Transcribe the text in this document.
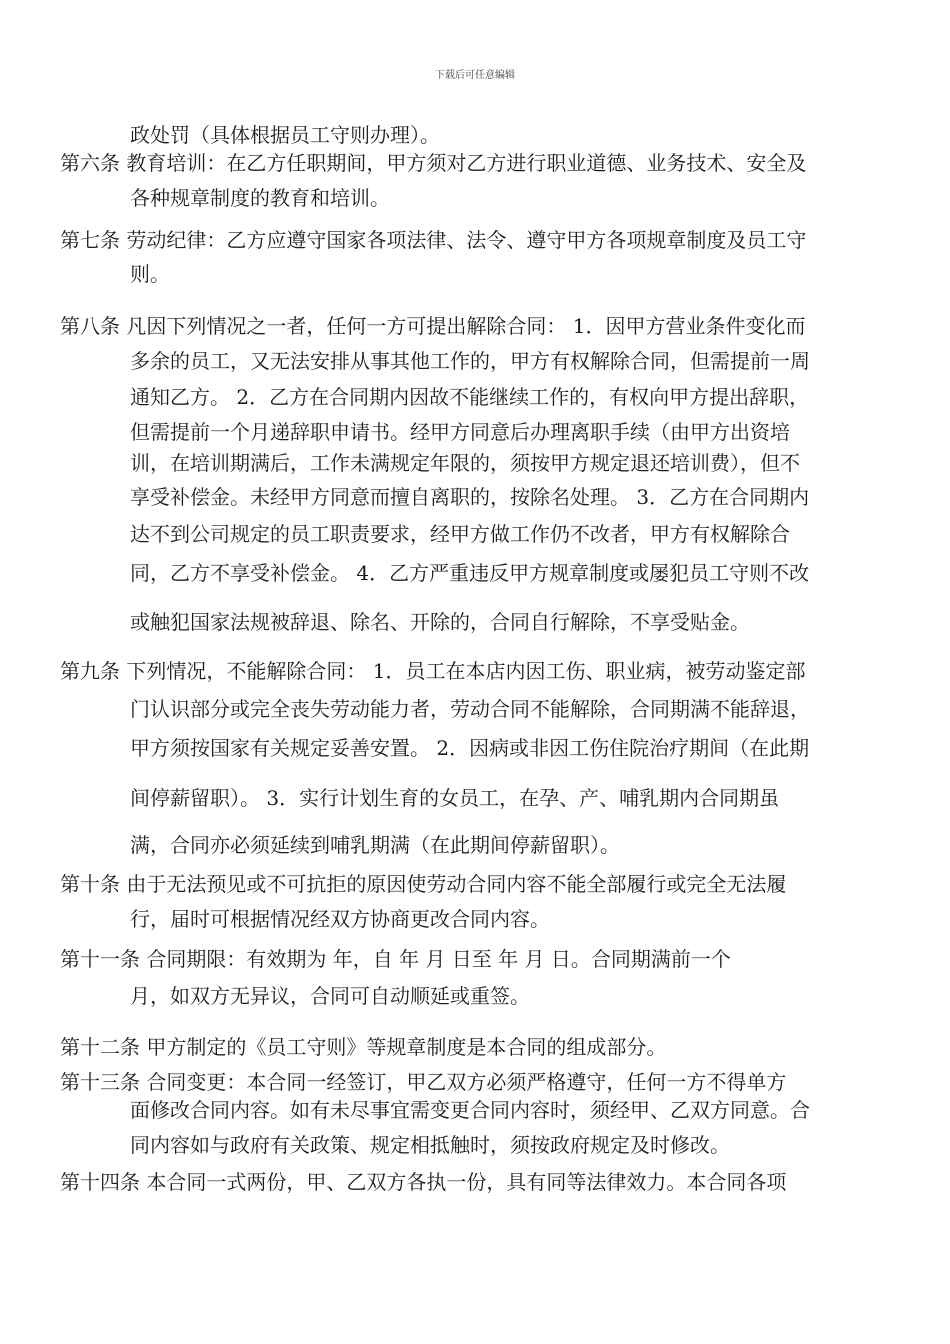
下载后可任意编辑
政处罚（具体根据员工守则办理）。
第六条 教育培训：在乙方任职期间，甲方须对乙方进行职业道德、业务技术、安全及
各种规章制度的教育和培训。
第七条 劳动纪律：乙方应遵守国家各项法律、法令、遵守甲方各项规章制度及员工守
则。
第八条 凡因下列情况之一者，任何一方可提出解除合同： 1．因甲方营业条件变化而
多余的员工，又无法安排从事其他工作的，甲方有权解除合同，但需提前一周
通知乙方。 2．乙方在合同期内因故不能继续工作的，有权向甲方提出辞职，
但需提前一个月递辞职申请书。经甲方同意后办理离职手续（由甲方出资培
训，在培训期满后，工作未满规定年限的，须按甲方规定退还培训费），但不
享受补偿金。未经甲方同意而擅自离职的，按除名处理。 3．乙方在合同期内
达不到公司规定的员工职责要求，经甲方做工作仍不改者，甲方有权解除合
同，乙方不享受补偿金。 4．乙方严重违反甲方规章制度或屡犯员工守则不改
或触犯国家法规被辞退、除名、开除的，合同自行解除，不享受贴金。
第九条 下列情况，不能解除合同： 1．员工在本店内因工伤、职业病，被劳动鉴定部
门认识部分或完全丧失劳动能力者，劳动合同不能解除，合同期满不能辞退，
甲方须按国家有关规定妥善安置。 2．因病或非因工伤住院治疗期间（在此期
间停薪留职）。 3．实行计划生育的女员工，在孕、产、哺乳期内合同期虽
满，合同亦必须延续到哺乳期满（在此期间停薪留职）。
第十条 由于无法预见或不可抗拒的原因使劳动合同内容不能全部履行或完全无法履
行，届时可根据情况经双方协商更改合同内容。
第十一条 合同期限：有效期为 年，自 年 月 日至 年 月 日。合同期满前一个
月，如双方无异议，合同可自动顺延或重签。
第十二条 甲方制定的《员工守则》等规章制度是本合同的组成部分。
第十三条 合同变更：本合同一经签订，甲乙双方必须严格遵守，任何一方不得单方
面修改合同内容。如有未尽事宜需变更合同内容时，须经甲、乙双方同意。合
同内容如与政府有关政策、规定相抵触时，须按政府规定及时修改。
第十四条 本合同一式两份，甲、乙双方各执一份，具有同等法律效力。本合同各项
